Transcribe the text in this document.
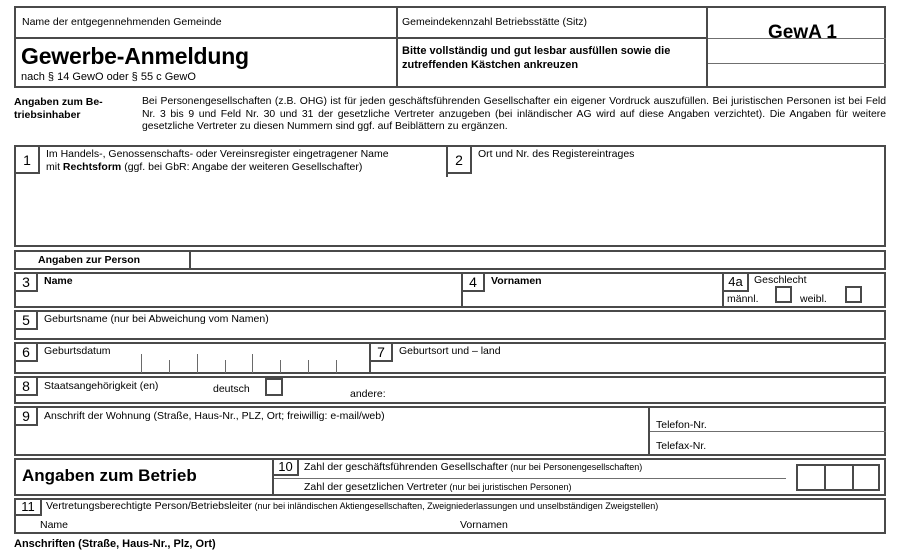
Name der entgegennehmenden Gemeinde	Gemeindekennzahl Betriebsstätte (Sitz)	GewA 1
Gewerbe-Anmeldung
nach § 14 GewO oder § 55 c GewO
Bitte vollständig und gut lesbar ausfüllen sowie die zutreffenden Kästchen ankreuzen
Angaben zum Be-
triebsinhaber
Bei Personengesellschaften (z.B. OHG) ist für jeden geschäftsführenden Gesellschafter ein eigener Vordruck auszufüllen. Bei juristischen Personen ist bei Feld Nr. 3 bis 9 und Feld Nr. 30 und 31 der gesetzliche Vertreter anzugeben (bei inländischer AG wird auf diese Angaben verzichtet). Die Angaben für weitere gesetzliche Vertreter zu diesen Nummern sind ggf. auf Beiblättern zu ergänzen.
1	Im Handels-, Genossenschafts- oder Vereinsregister eingetragener Name
mit Rechtsform (ggf. bei GbR: Angabe der weiteren Gesellschafter)	2	Ort und Nr. des Registereintrages
Angaben zur Person
3	Name	4	Vornamen	4a	Geschlecht
männl.	weibl.
5	Geburtsname (nur bei Abweichung vom Namen)
6	Geburtsdatum	7	Geburtsort und – land
8	Staatsangehörigkeit (en)	deutsch	andere:
9	Anschrift der Wohnung (Straße, Haus-Nr., PLZ, Ort; freiwillig: e-mail/web)
Telefon-Nr.
Telefax-Nr.
Angaben zum Betrieb	10	Zahl der geschäftsführenden Gesellschafter (nur bei Personengesellschaften)
Zahl der gesetzlichen Vertreter (nur bei juristischen Personen)
11	Vertretungsberechtigte Person/Betriebsleiter (nur bei inländischen Aktiengesellschaften, Zweigniederlassungen und unselbständigen Zweigstellen)
Name	Vornamen
Anschriften (Straße, Haus-Nr., Plz, Ort)
